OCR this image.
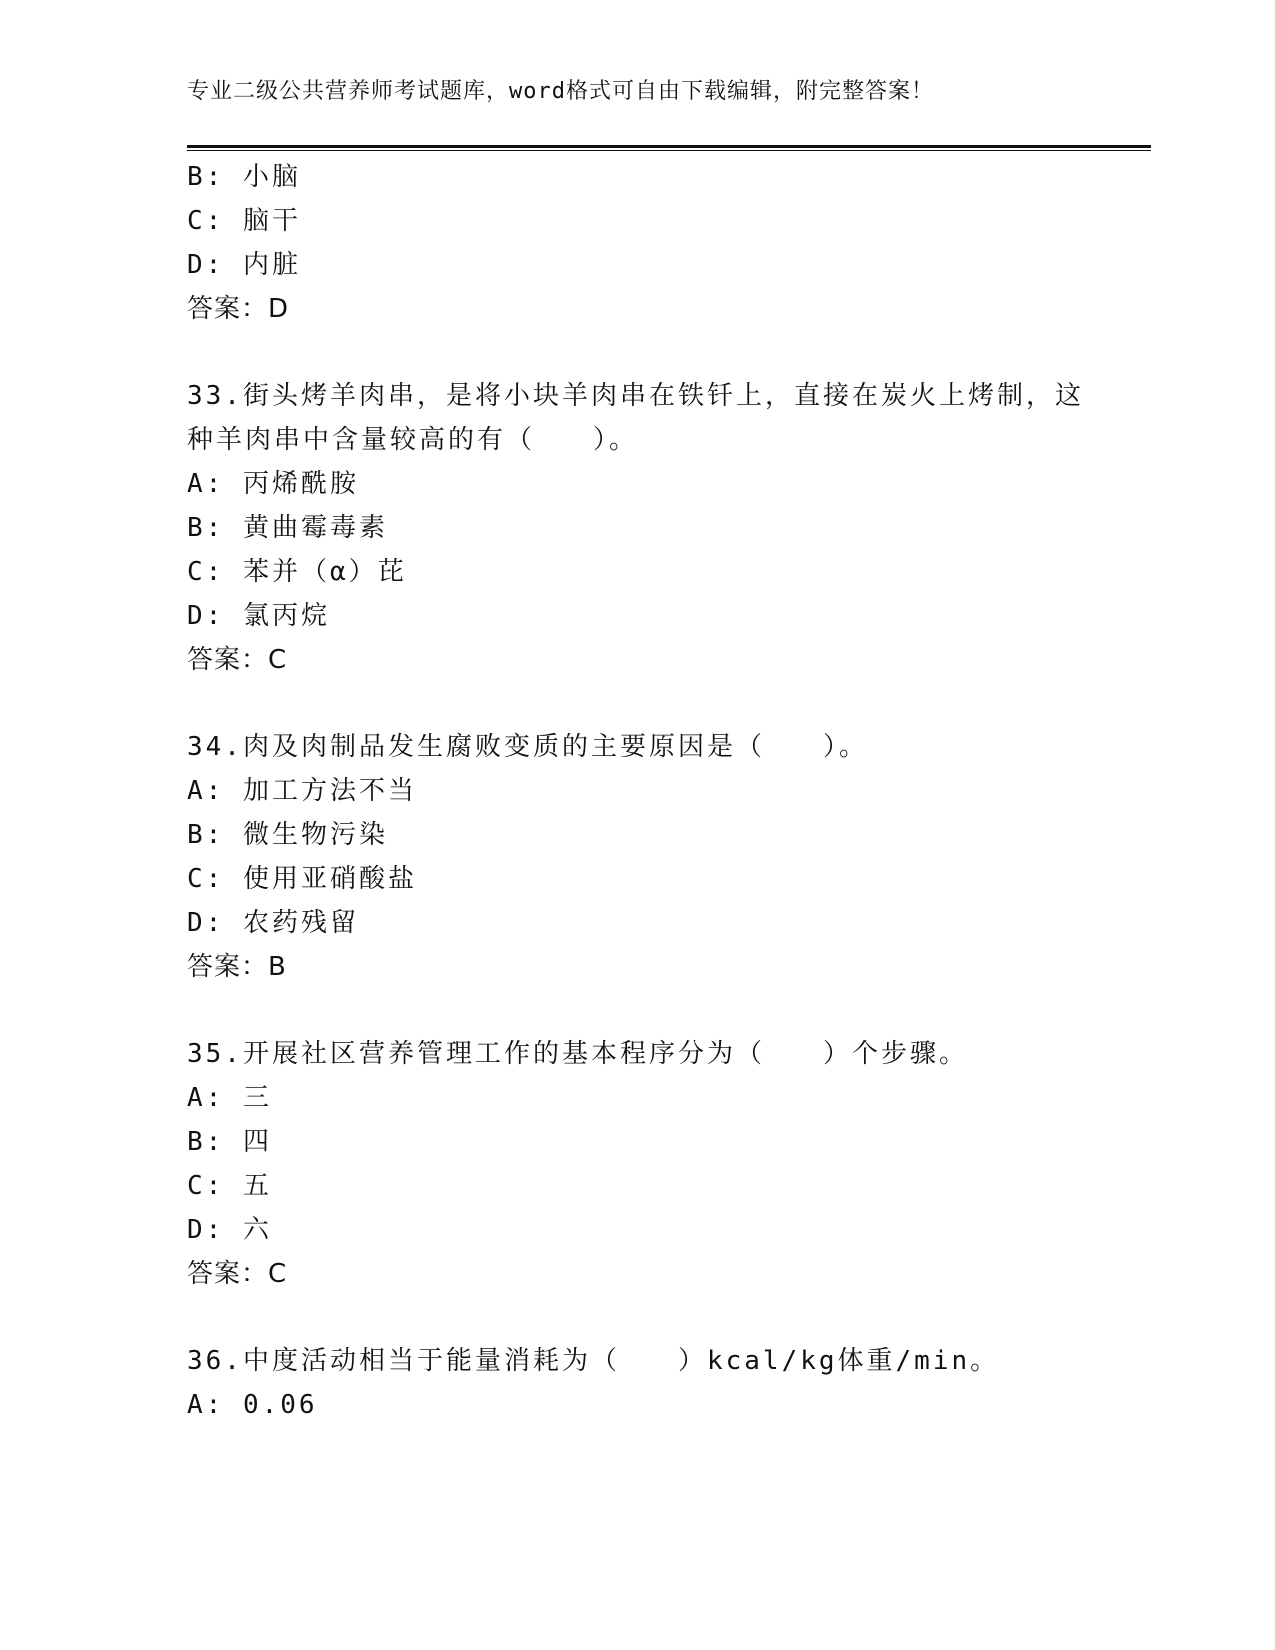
专业二级公共营养师考试题库，word格式可自由下载编辑，附完整答案！
B: 小脑
C: 脑干
D: 内脏
答案：D
33.街头烤羊肉串，是将小块羊肉串在铁钎上，直接在炭火上烤制，这
种羊肉串中含量较高的有（　　）。
A: 丙烯酰胺
B: 黄曲霉毒素
C: 苯并（α）芘
D: 氯丙烷
答案：C
34.肉及肉制品发生腐败变质的主要原因是（　　）。
A: 加工方法不当
B: 微生物污染
C: 使用亚硝酸盐
D: 农药残留
答案：B
35.开展社区营养管理工作的基本程序分为（　　）个步骤。
A: 三
B: 四
C: 五
D: 六
答案：C
36.中度活动相当于能量消耗为（　　）kcal/kg体重/min。
A: 0.06
